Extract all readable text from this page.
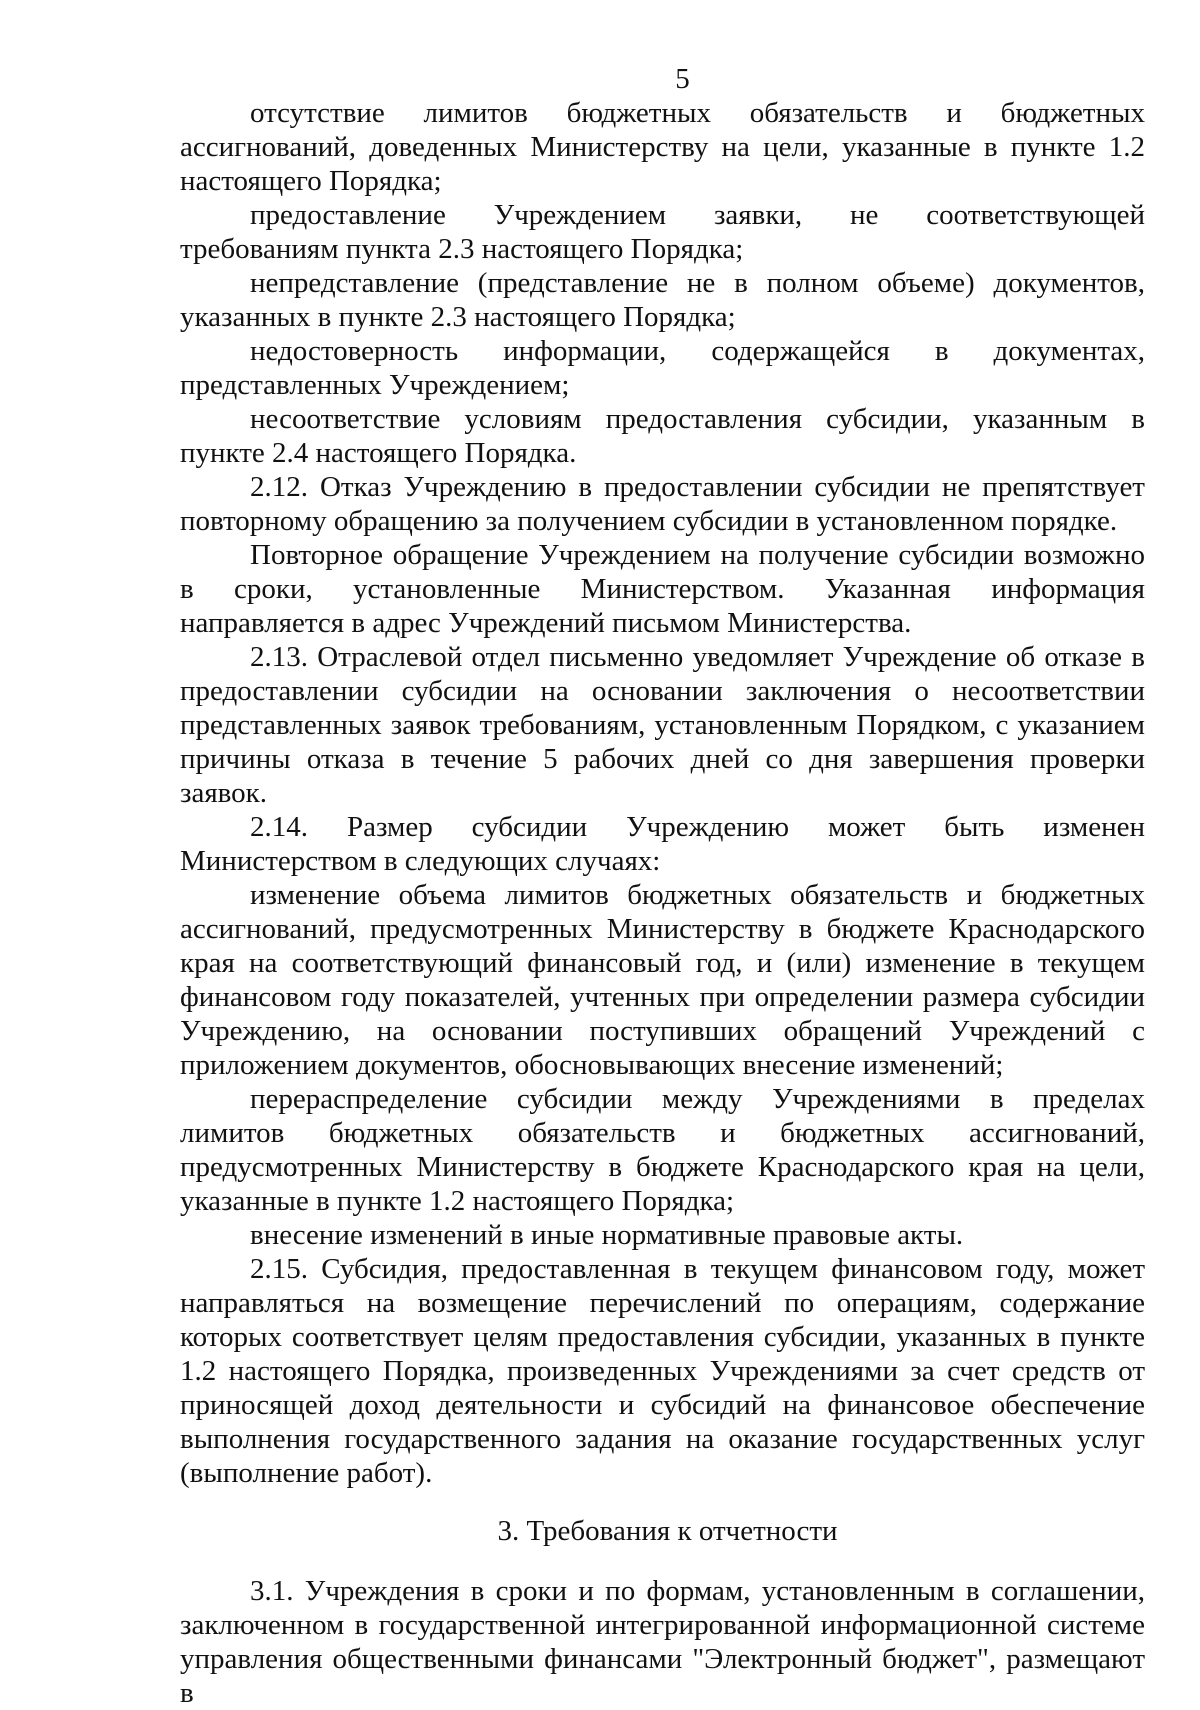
5

отсутствие лимитов бюджетных обязательств и бюджетных ассигнований, доведенных Министерству на цели, указанные в пункте 1.2 настоящего Порядка;

предоставление Учреждением заявки, не соответствующей требованиям пункта 2.3 настоящего Порядка;

непредставление (представление не в полном объеме) документов, указанных в пункте 2.3 настоящего Порядка;

недостоверность информации, содержащейся в документах, представленных Учреждением;

несоответствие условиям предоставления субсидии, указанным в пункте 2.4 настоящего Порядка.

2.12. Отказ Учреждению в предоставлении субсидии не препятствует повторному обращению за получением субсидии в установленном порядке.

Повторное обращение Учреждением на получение субсидии возможно в сроки, установленные Министерством. Указанная информация направляется в адрес Учреждений письмом Министерства.

2.13. Отраслевой отдел письменно уведомляет Учреждение об отказе в предоставлении субсидии на основании заключения о несоответствии представленных заявок требованиям, установленным Порядком, с указанием причины отказа в течение 5 рабочих дней со дня завершения проверки заявок.

2.14. Размер субсидии Учреждению может быть изменен Министерством в следующих случаях:

изменение объема лимитов бюджетных обязательств и бюджетных ассигнований, предусмотренных Министерству в бюджете Краснодарского края на соответствующий финансовый год, и (или) изменение в текущем финансовом году показателей, учтенных при определении размера субсидии Учреждению, на основании поступивших обращений Учреждений с приложением документов, обосновывающих внесение изменений;

перераспределение субсидии между Учреждениями в пределах лимитов бюджетных обязательств и бюджетных ассигнований, предусмотренных Министерству в бюджете Краснодарского края на цели, указанные в пункте 1.2 настоящего Порядка;

внесение изменений в иные нормативные правовые акты.

2.15. Субсидия, предоставленная в текущем финансовом году, может направляться на возмещение перечислений по операциям, содержание которых соответствует целям предоставления субсидии, указанных в пункте 1.2 настоящего Порядка, произведенных Учреждениями за счет средств от приносящей доход деятельности и субсидий на финансовое обеспечение выполнения государственного задания на оказание государственных услуг (выполнение работ).

3. Требования к отчетности

3.1. Учреждения в сроки и по формам, установленным в соглашении, заключенном в государственной интегрированной информационной системе управления общественными финансами "Электронный бюджет", размещают в
